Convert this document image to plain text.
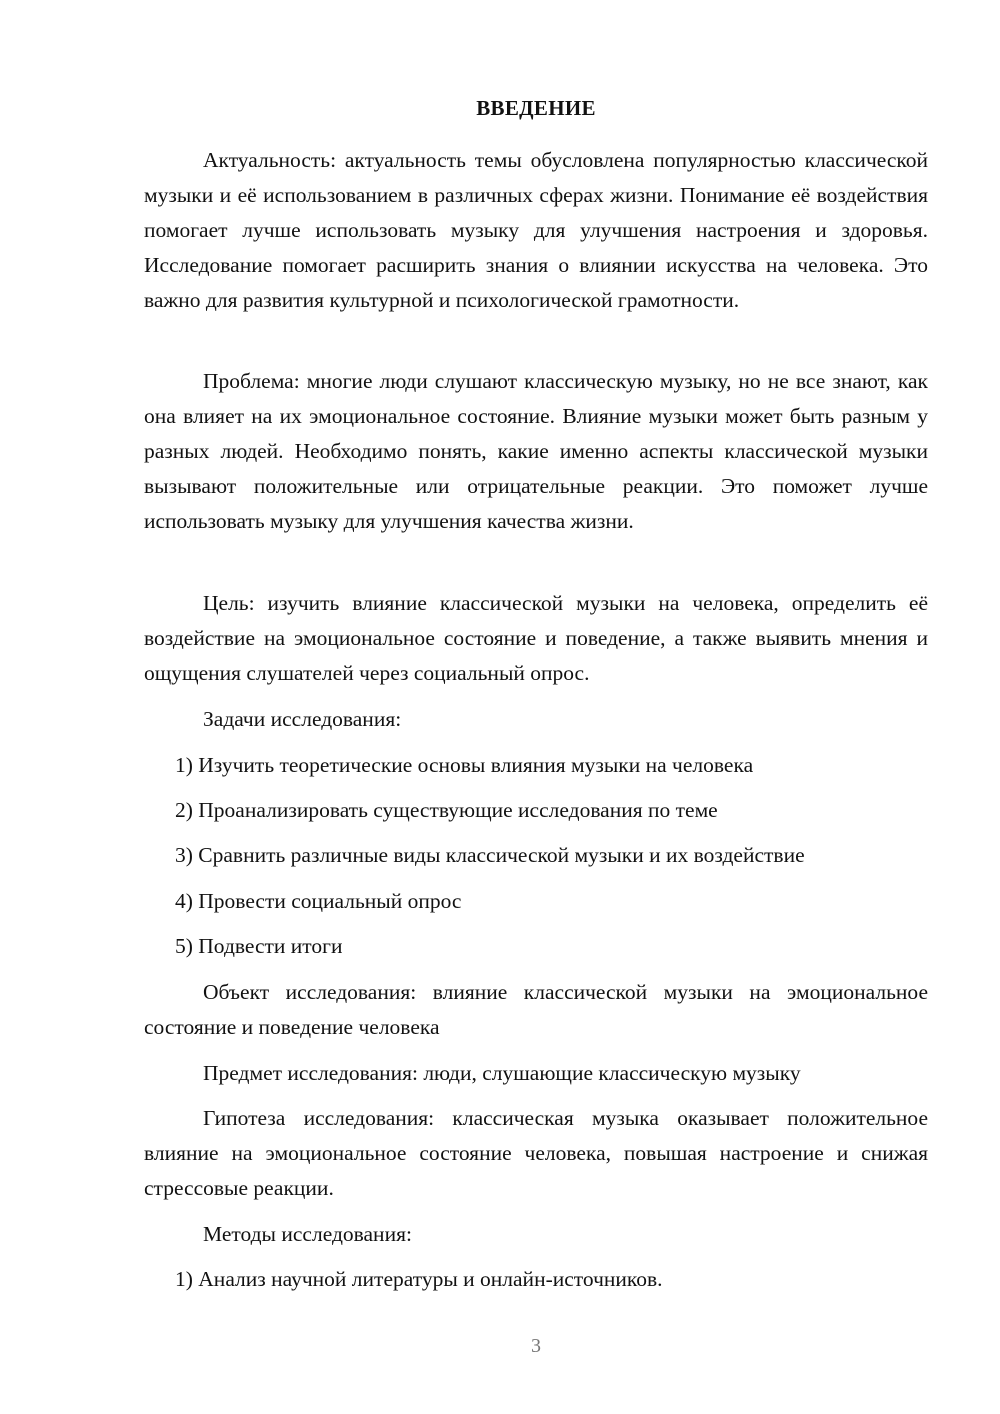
ВВЕДЕНИЕ

Актуальность: актуальность темы обусловлена популярностью классической музыки и её использованием в различных сферах жизни. Понимание её воздействия помогает лучше использовать музыку для улучшения настроения и здоровья. Исследование помогает расширить знания о влиянии искусства на человека. Это важно для развития культурной и психологической грамотности.

Проблема: многие люди слушают классическую музыку, но не все знают, как она влияет на их эмоциональное состояние. Влияние музыки может быть разным у разных людей. Необходимо понять, какие именно аспекты классической музыки вызывают положительные или отрицательные реакции. Это поможет лучше использовать музыку для улучшения качества жизни.

Цель: изучить влияние классической музыки на человека, определить её воздействие на эмоциональное состояние и поведение, а также выявить мнения и ощущения слушателей через социальный опрос.

Задачи исследования:

1) Изучить теоретические основы влияния музыки на человека
2) Проанализировать существующие исследования по теме
3) Сравнить различные виды классической музыки и их воздействие
4) Провести социальный опрос
5) Подвести итоги

Объект исследования: влияние классической музыки на эмоциональное состояние и поведение человека

Предмет исследования: люди, слушающие классическую музыку

Гипотеза исследования: классическая музыка оказывает положительное влияние на эмоциональное состояние человека, повышая настроение и снижая стрессовые реакции.

Методы исследования:

1) Анализ научной литературы и онлайн-источников.
3
